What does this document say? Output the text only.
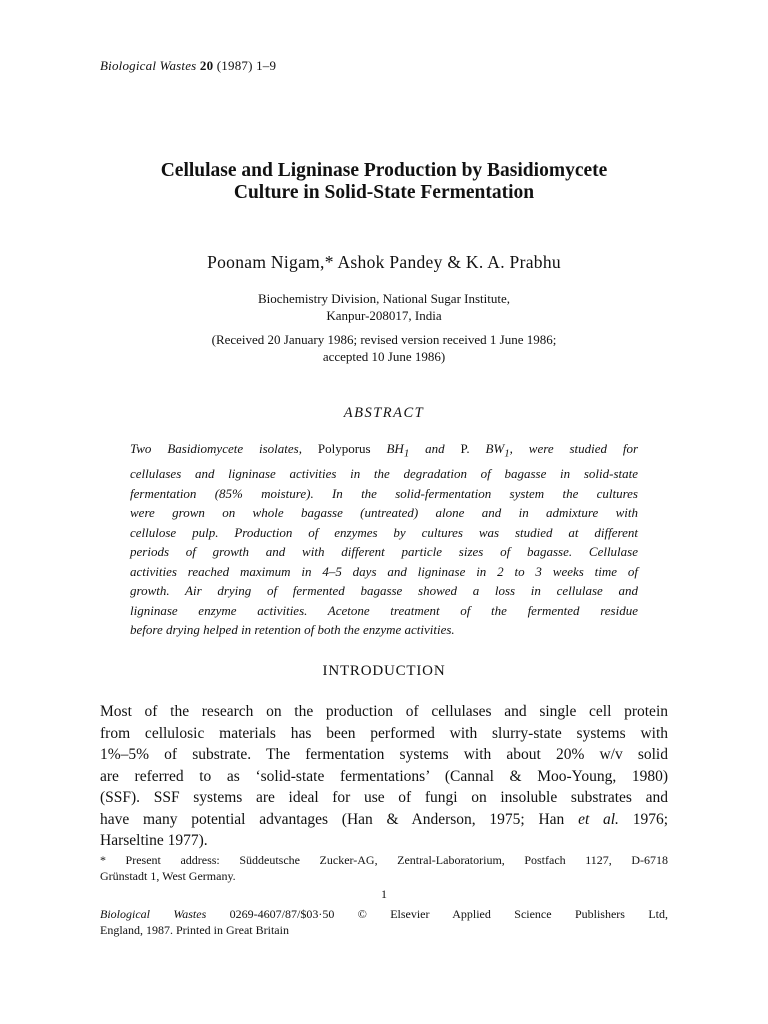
Biological Wastes 20 (1987) 1–9
Cellulase and Ligninase Production by Basidiomycete
Culture in Solid-State Fermentation
Poonam Nigam,* Ashok Pandey & K. A. Prabhu
Biochemistry Division, National Sugar Institute,
Kanpur-208017, India
(Received 20 January 1986; revised version received 1 June 1986;
accepted 10 June 1986)
ABSTRACT
Two Basidiomycete isolates, Polyporus $BH_1$ and P. $BW_1$, were studied for
cellulases and ligninase activities in the degradation of bagasse in solid-state
fermentation (85% moisture). In the solid-fermentation system the cultures
were grown on whole bagasse (untreated) alone and in admixture with
cellulose pulp. Production of enzymes by cultures was studied at different
periods of growth and with different particle sizes of bagasse. Cellulase
activities reached maximum in 4–5 days and ligninase in 2 to 3 weeks time of
growth. Air drying of fermented bagasse showed a loss in cellulase and
ligninase enzyme activities. Acetone treatment of the fermented residue
before drying helped in retention of both the enzyme activities.
INTRODUCTION
Most of the research on the production of cellulases and single cell protein
from cellulosic materials has been performed with slurry-state systems with
1%–5% of substrate. The fermentation systems with about 20% w/v solid
are referred to as ‘solid-state fermentations’ (Cannal & Moo-Young, 1980)
(SSF). SSF systems are ideal for use of fungi on insoluble substrates and
have many potential advantages (Han & Anderson, 1975; Han et al. 1976;
Harseltine 1977).
* Present address: Süddeutsche Zucker-AG, Zentral-Laboratorium, Postfach 1127, D-6718
Grünstadt 1, West Germany.
1
Biological Wastes 0269-4607/87/$03·50 © Elsevier Applied Science Publishers Ltd,
England, 1987. Printed in Great Britain
